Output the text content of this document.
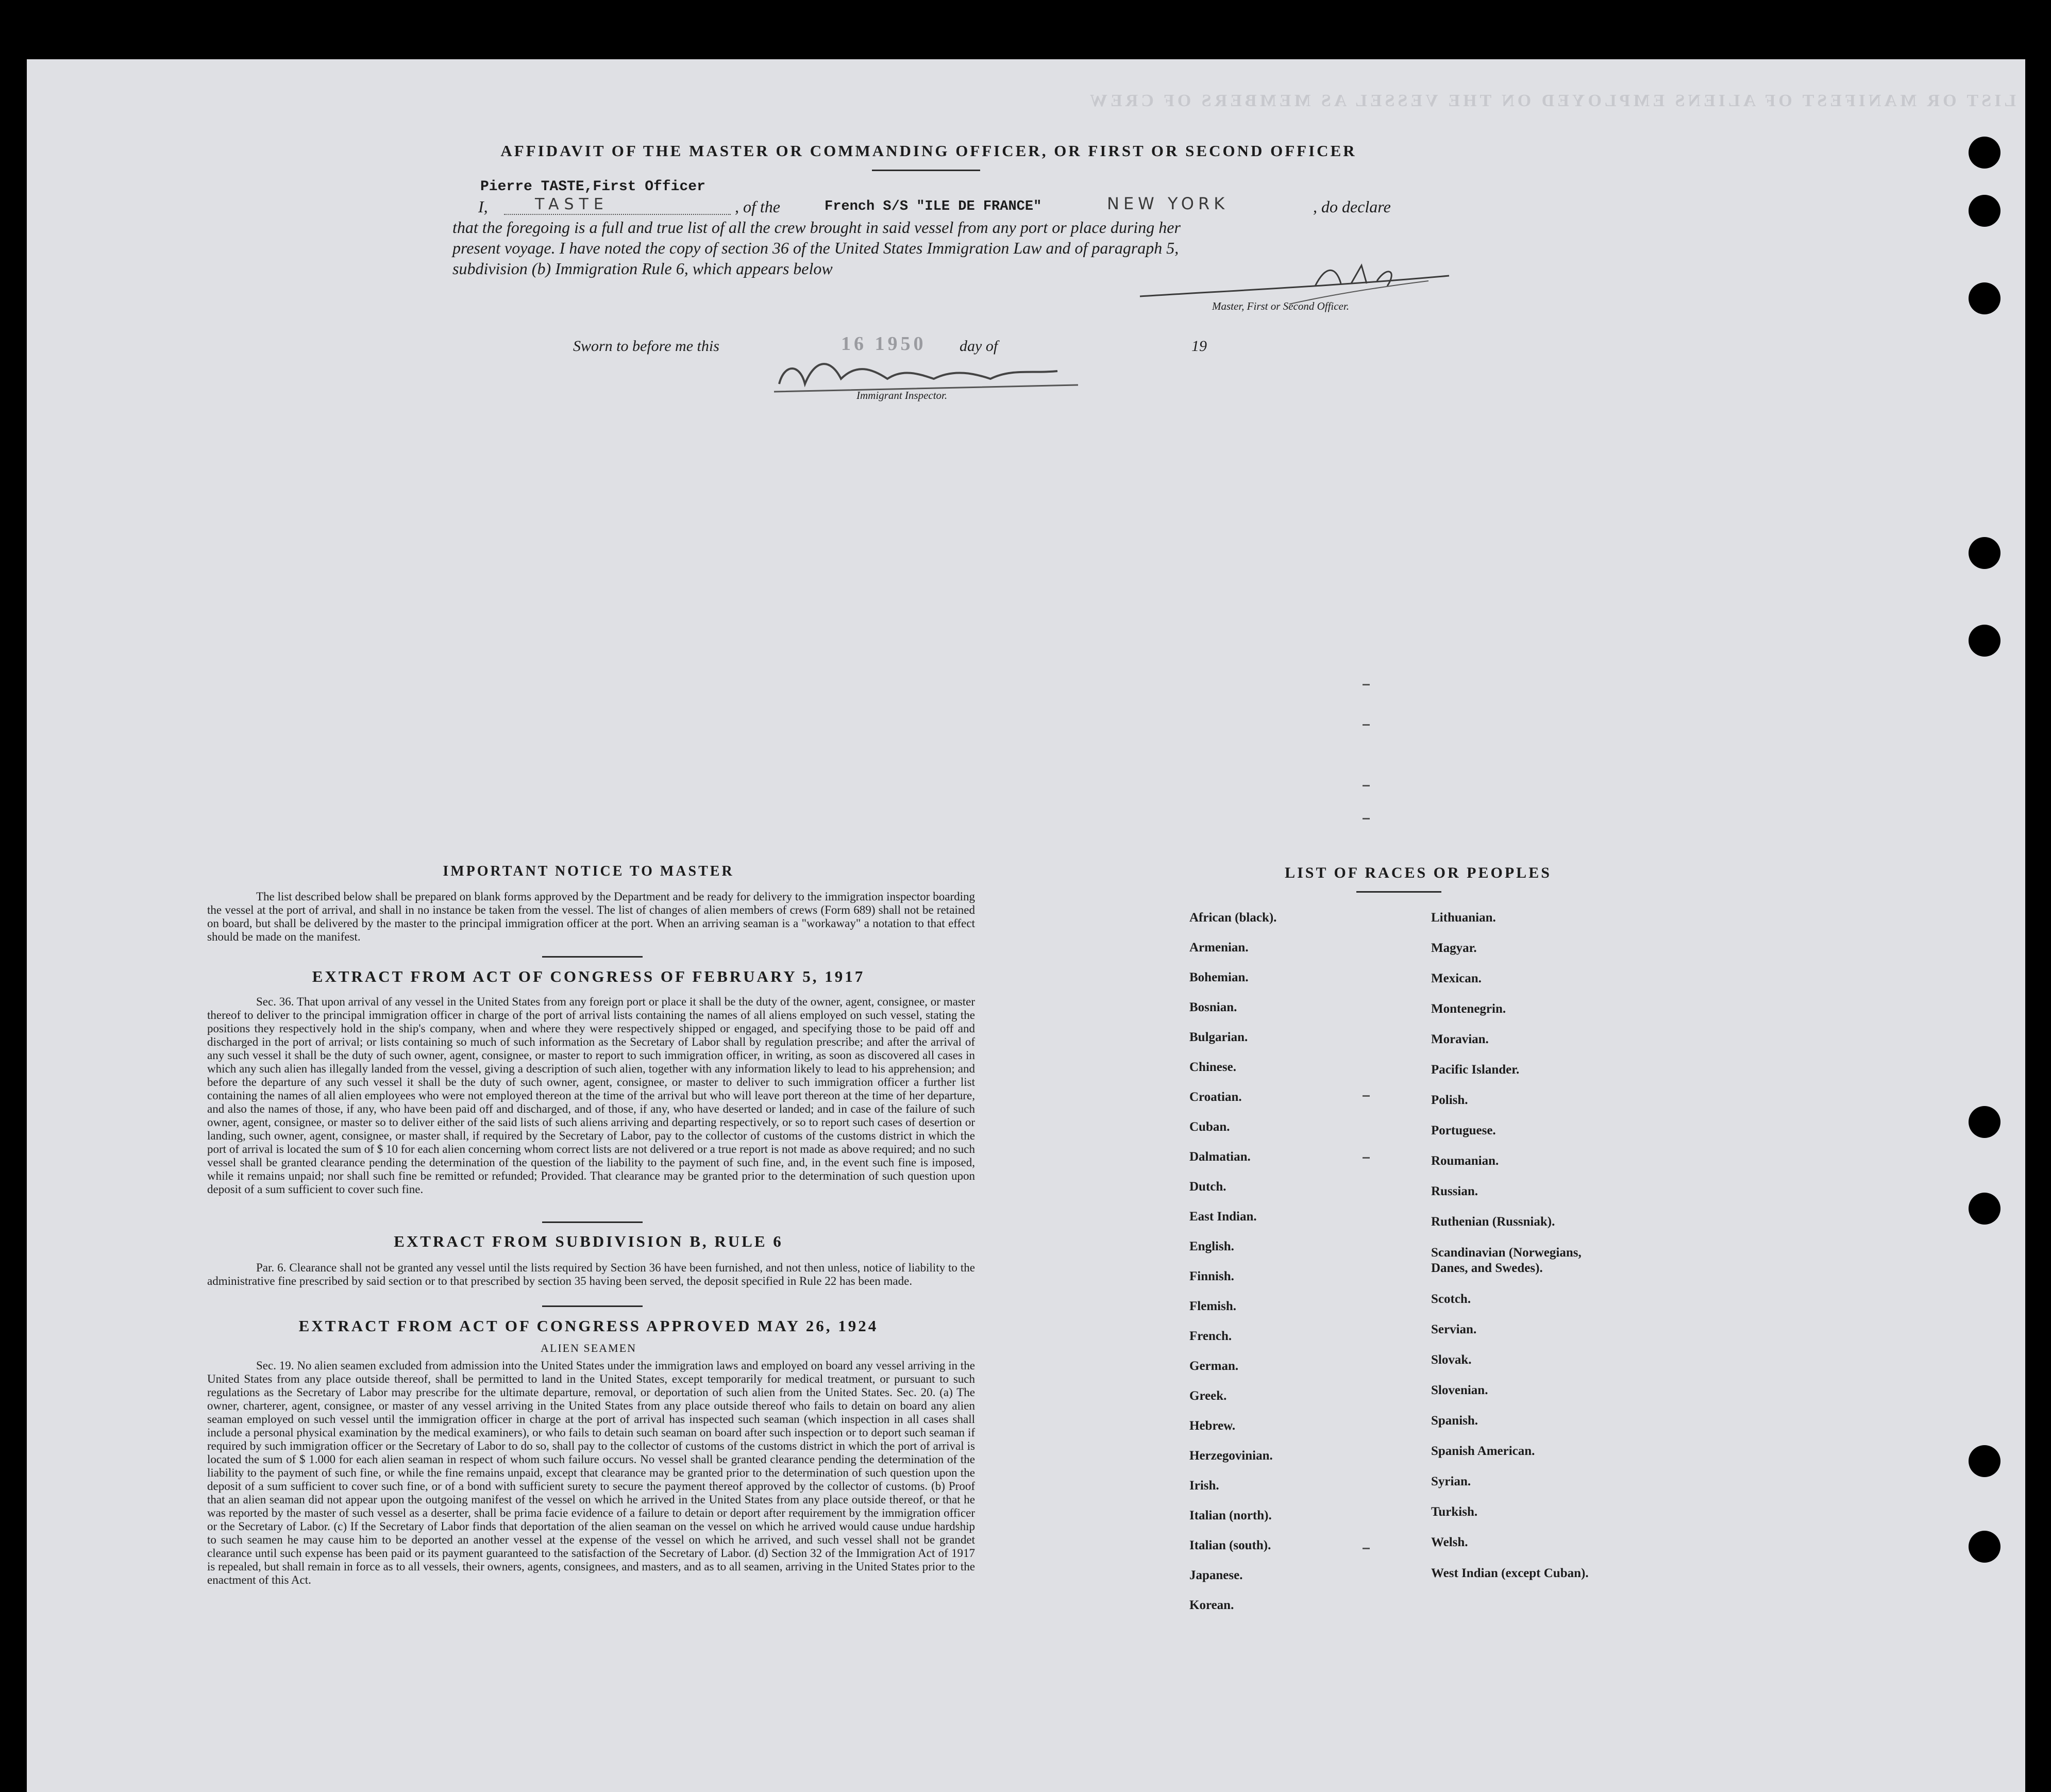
LIST OR MANIFEST OF ALIENS EMPLOYED ON THE VESSEL AS MEMBERS OF CREW
AFFIDAVIT OF THE MASTER OR COMMANDING OFFICER, OR FIRST OR SECOND OFFICER
Pierre TASTE,First Officer
I,	TASTE	, of the	French S/S "ILE DE FRANCE"	NEW YORK	, do declare
that the foregoing is a full and true list of all the crew brought in said vessel from any port or place during her
present voyage. I have noted the copy of section 36 of the United States Immigration Law and of paragraph 5,
subdivision (b) Immigration Rule 6, which appears below
Master, First or Second Officer.
Sworn to before me this	16 1950 day of	19
Immigrant Inspector.
IMPORTANT NOTICE TO MASTER
The list described below shall be prepared on blank forms approved by the Department and be ready for delivery to the immigration inspector boarding the vessel at the port of arrival, and shall in no instance be taken from the vessel. The list of changes of alien members of crews (Form 689) shall not be retained on board, but shall be delivered by the master to the principal immigration officer at the port. When an arriving seaman is a "workaway" a notation to that effect should be made on the manifest.
EXTRACT FROM ACT OF CONGRESS OF FEBRUARY 5, 1917
Sec. 36. That upon arrival of any vessel in the United States from any foreign port or place it shall be the duty of the owner, agent, consignee, or master thereof to deliver to the principal immigration officer in charge of the port of arrival lists containing the names of all aliens employed on such vessel, stating the positions they respectively hold in the ship's company, when and where they were respectively shipped or engaged, and specifying those to be paid off and discharged in the port of arrival; or lists containing so much of such information as the Secretary of Labor shall by regulation prescribe; and after the arrival of any such vessel it shall be the duty of such owner, agent, consignee, or master to report to such immigration officer, in writing, as soon as discovered all cases in which any such alien has illegally landed from the vessel, giving a description of such alien, together with any information likely to lead to his apprehension; and before the departure of any such vessel it shall be the duty of such owner, agent, consignee, or master to deliver to such immigration officer a further list containing the names of all alien employees who were not employed thereon at the time of the arrival but who will leave port thereon at the time of her departure, and also the names of those, if any, who have been paid off and discharged, and of those, if any, who have deserted or landed; and in case of the failure of such owner, agent, consignee, or master so to deliver either of the said lists of such aliens arriving and departing respectively, or so to report such cases of desertion or landing, such owner, agent, consignee, or master shall, if required by the Secretary of Labor, pay to the collector of customs of the customs district in which the port of arrival is located the sum of $ 10 for each alien concerning whom correct lists are not delivered or a true report is not made as above required; and no such vessel shall be granted clearance pending the determination of the question of the liability to the payment of such fine, and, in the event such fine is imposed, while it remains unpaid; nor shall such fine be remitted or refunded; Provided. That clearance may be granted prior to the determination of such question upon deposit of a sum sufficient to cover such fine.
EXTRACT FROM SUBDIVISION B, RULE 6
Par. 6. Clearance shall not be granted any vessel until the lists required by Section 36 have been furnished, and not then unless, notice of liability to the administrative fine prescribed by said section or to that prescribed by section 35 having been served, the deposit specified in Rule 22 has been made.
EXTRACT FROM ACT OF CONGRESS APPROVED MAY 26, 1924
ALIEN SEAMEN
Sec. 19. No alien seamen excluded from admission into the United States under the immigration laws and employed on board any vessel arriving in the United States from any place outside thereof, shall be permitted to land in the United States, except temporarily for medical treatment, or pursuant to such regulations as the Secretary of Labor may prescribe for the ultimate departure, removal, or deportation of such alien from the United States. Sec. 20. (a) The owner, charterer, agent, consignee, or master of any vessel arriving in the United States from any place outside thereof who fails to detain on board any alien seaman employed on such vessel until the immigration officer in charge at the port of arrival has inspected such seaman (which inspection in all cases shall include a personal physical examination by the medical examiners), or who fails to detain such seaman on board after such inspection or to deport such seaman if required by such immigration officer or the Secretary of Labor to do so, shall pay to the collector of customs of the customs district in which the port of arrival is located the sum of $ 1.000 for each alien seaman in respect of whom such failure occurs. No vessel shall be granted clearance pending the determination of the liability to the payment of such fine, or while the fine remains unpaid, except that clearance may be granted prior to the determination of such question upon the deposit of a sum sufficient to cover such fine, or of a bond with sufficient surety to secure the payment thereof approved by the collector of customs. (b) Proof that an alien seaman did not appear upon the outgoing manifest of the vessel on which he arrived in the United States from any place outside thereof, or that he was reported by the master of such vessel as a deserter, shall be prima facie evidence of a failure to detain or deport after requirement by the immigration officer or the Secretary of Labor. (c) If the Secretary of Labor finds that deportation of the alien seaman on the vessel on which he arrived would cause undue hardship to such seamen he may cause him to be deported an another vessel at the expense of the vessel on which he arrived, and such vessel shall not be grandet clearance until such expense has been paid or its payment guaranteed to the satisfaction of the Secretary of Labor. (d) Section 32 of the Immigration Act of 1917 is repealed, but shall remain in force as to all vessels, their owners, agents, consignees, and masters, and as to all seamen, arriving in the United States prior to the enactment of this Act.
LIST OF RACES OR PEOPLES
African (black).
Armenian.
Bohemian.
Bosnian.
Bulgarian.
Chinese.
Croatian.
Cuban.
Dalmatian.
Dutch.
East Indian.
English.
Finnish.
Flemish.
French.
German.
Greek.
Hebrew.
Herzegovinian.
Irish.
Italian (north).
Italian (south).
Japanese.
Korean.
Lithuanian.
Magyar.
Mexican.
Montenegrin.
Moravian.
Pacific Islander.
Polish.
Portuguese.
Roumanian.
Russian.
Ruthenian (Russniak).
Scandinavian (Norwegians, Danes, and Swedes).
Scotch.
Servian.
Slovak.
Slovenian.
Spanish.
Spanish American.
Syrian.
Turkish.
Welsh.
West Indian (except Cuban).
